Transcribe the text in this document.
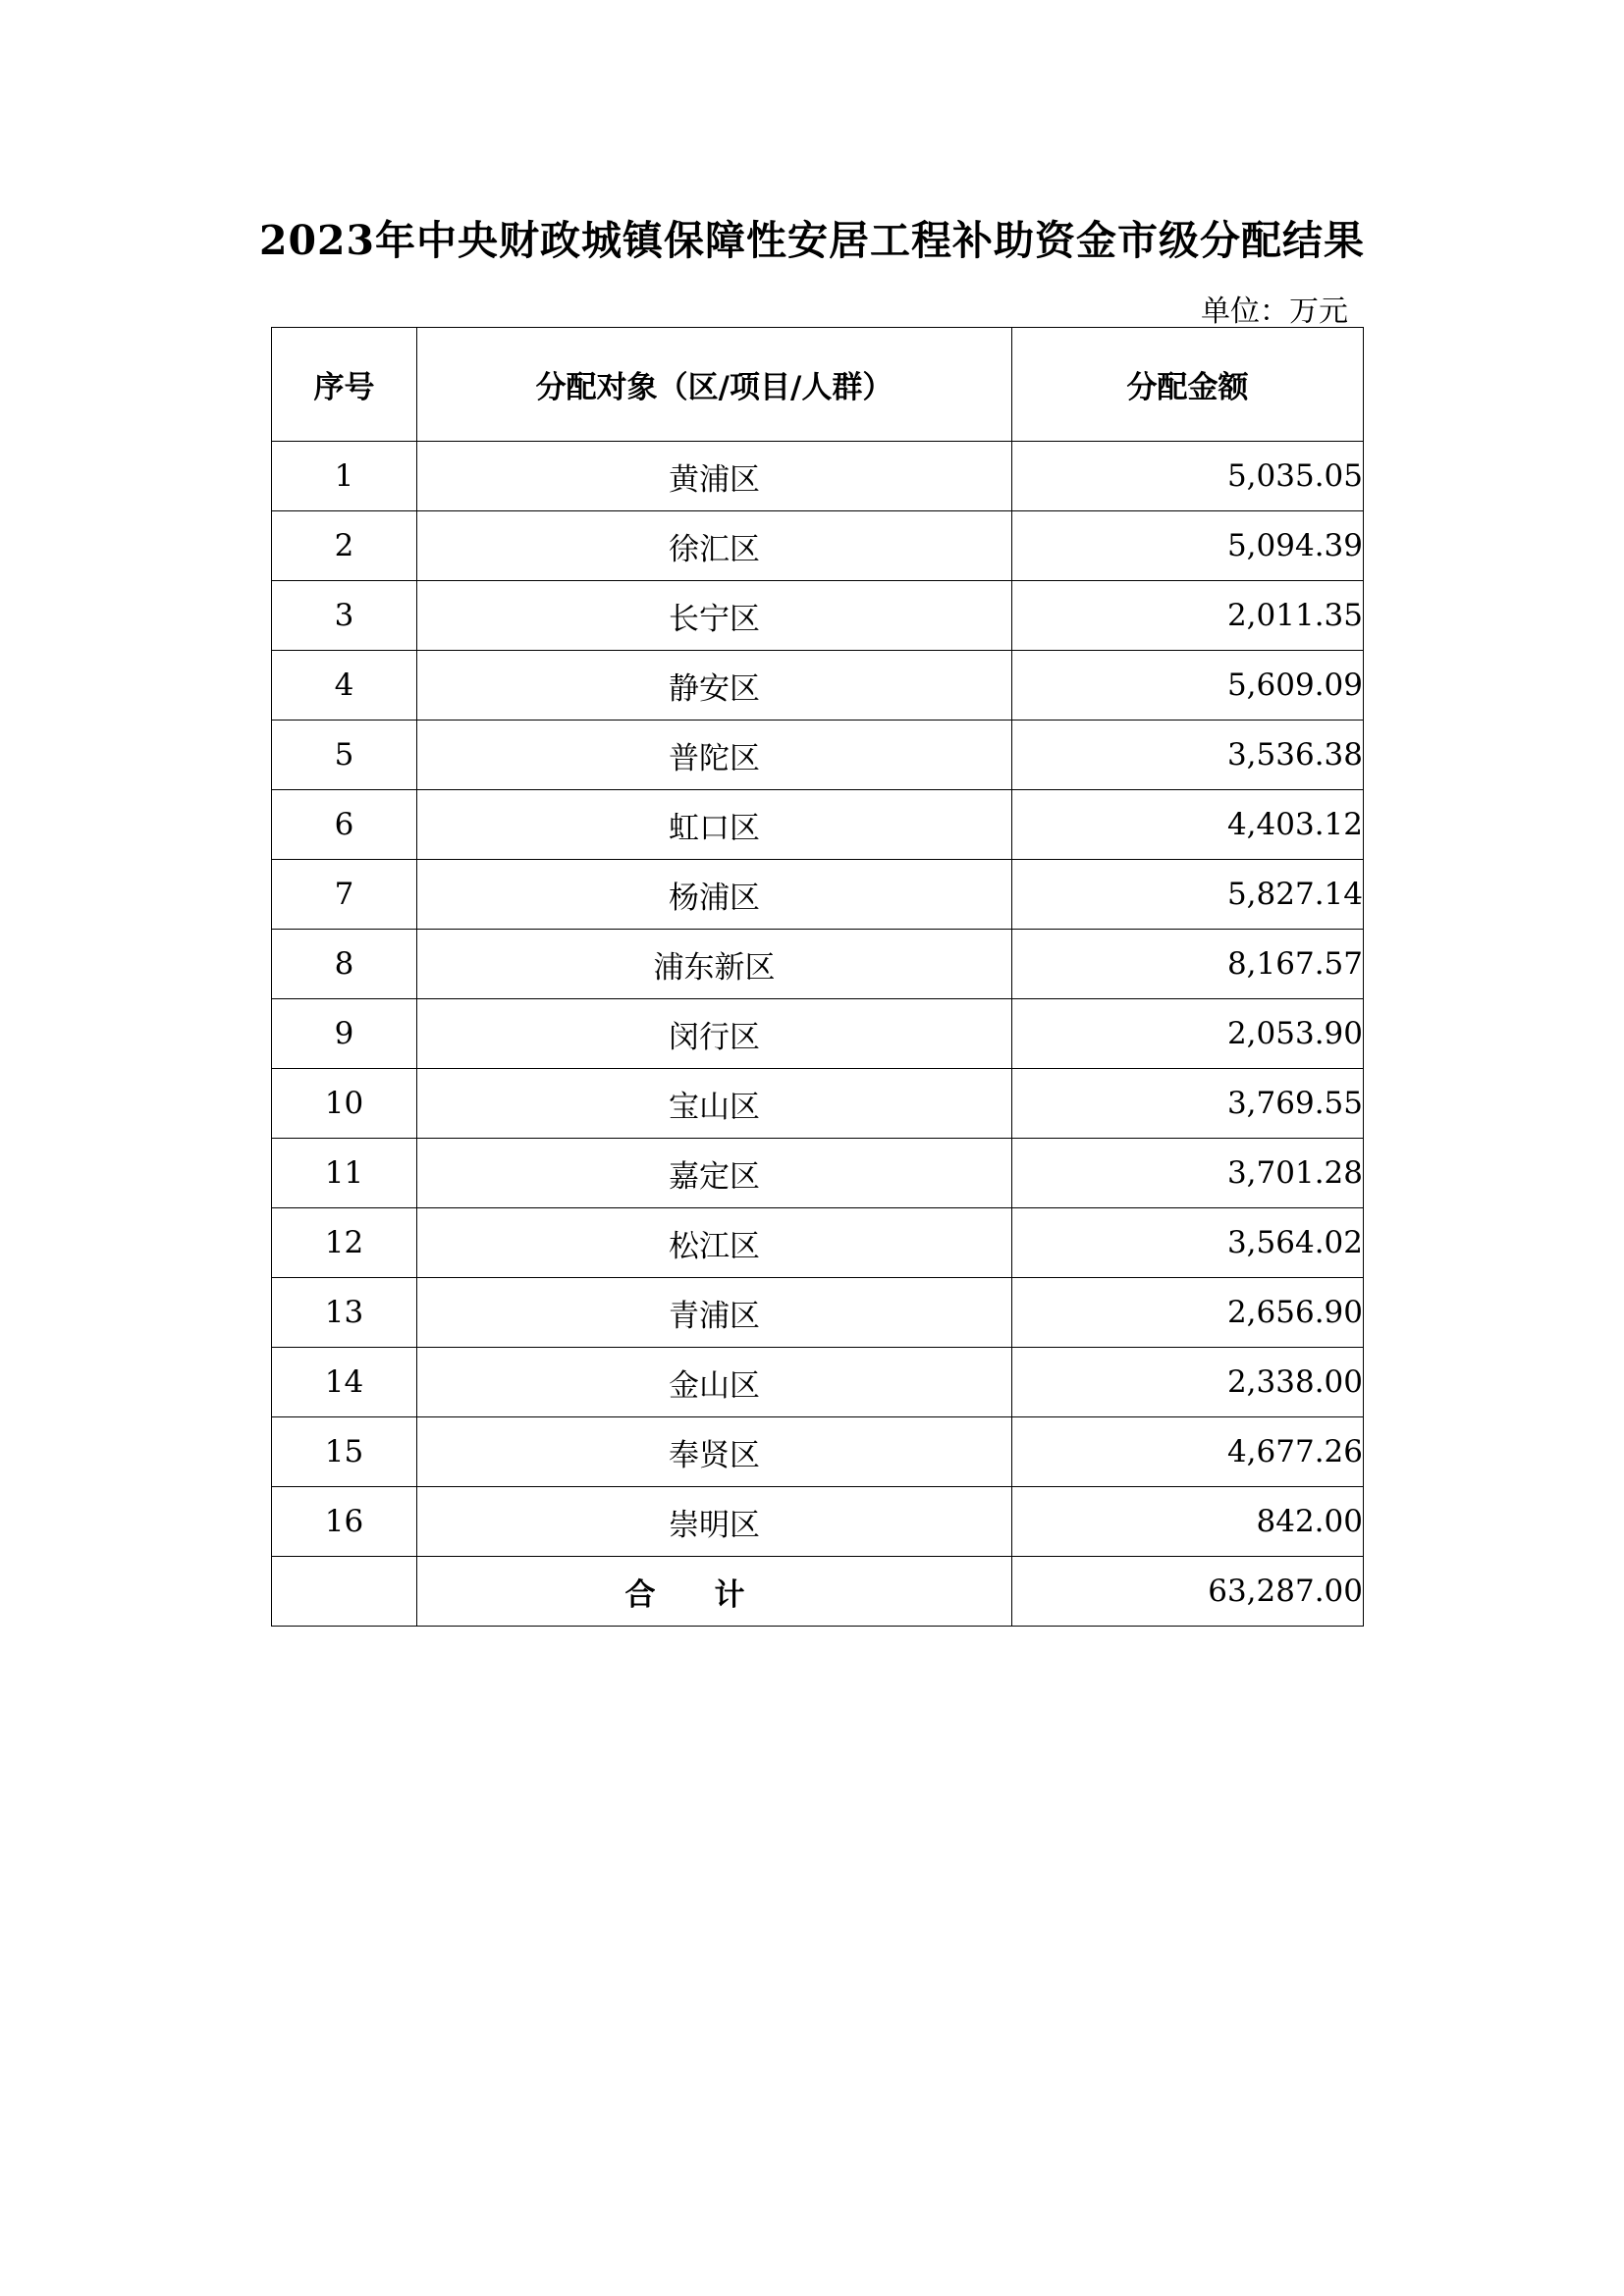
2023年中央财政城镇保障性安居工程补助资金市级分配结果

单位：万元

序号	分配对象（区/项目/人群）	分配金额
1	黄浦区	5,035.05
2	徐汇区	5,094.39
3	长宁区	2,011.35
4	静安区	5,609.09
5	普陀区	3,536.38
6	虹口区	4,403.12
7	杨浦区	5,827.14
8	浦东新区	8,167.57
9	闵行区	2,053.90
10	宝山区	3,769.55
11	嘉定区	3,701.28
12	松江区	3,564.02
13	青浦区	2,656.90
14	金山区	2,338.00
15	奉贤区	4,677.26
16	崇明区	842.00
	合计	63,287.00
